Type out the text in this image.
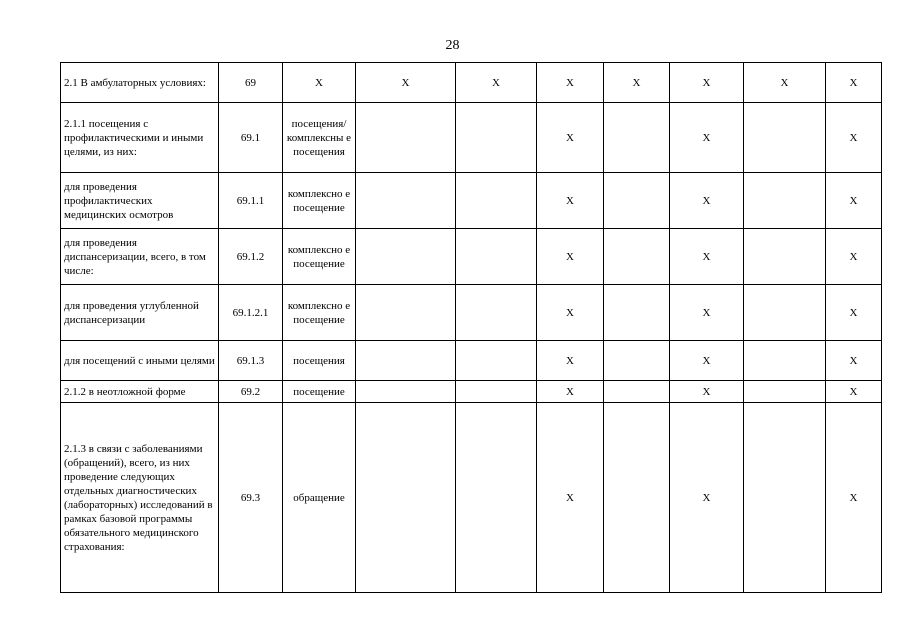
28
2.1 В амбулаторных условиях:	69	X	X	X	X	X	X	X	X
2.1.1 посещения с профилактическими и иными целями, из них:	69.1	посещения/ комплексны е посещения			X		X		X
для проведения профилактических медицинских осмотров	69.1.1	комплексно е посещение			X		X		X
для проведения диспансеризации, всего, в том числе:	69.1.2	комплексно е посещение			X		X		X
для проведения углубленной диспансеризации	69.1.2.1	комплексно е посещение			X		X		X
для посещений с иными целями	69.1.3	посещения			X		X		X
2.1.2 в неотложной форме	69.2	посещение			X		X		X
2.1.3 в связи с заболеваниями (обращений), всего, из них проведение следующих отдельных диагностических (лабораторных) исследований в рамках базовой программы обязательного медицинского страхования:	69.3	обращение			X		X		X
